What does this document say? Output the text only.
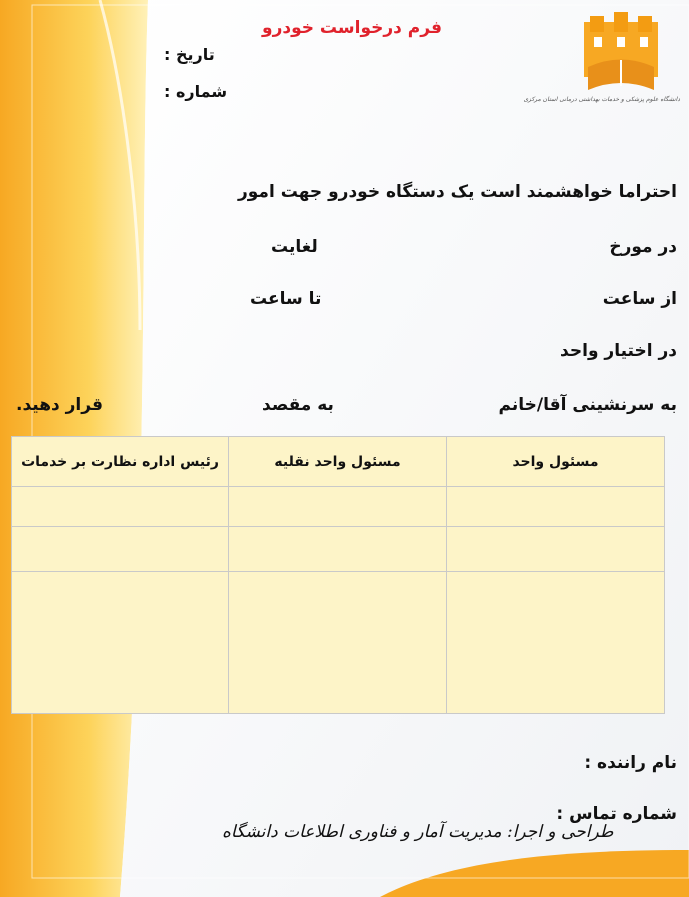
دانشگاه علوم پزشکی و خدمات بهداشتی درمانی استان مرکزی
فرم درخواست خودرو
تاریخ :
شماره :
احتراما خواهشمند است یک دستگاه خودرو جهت امور
در مورخ
لغایت
از ساعت
تا ساعت
در اختیار واحد
به سرنشینی آقا/خانم
به مقصد
قرار دهید.
مسئول واحد	مسئول واحد نقلیه	رئیس اداره نظارت بر خدمات

نام راننده :
شماره تماس :
طراحی و اجرا: مدیریت آمار و فناوری اطلاعات دانشگاه
